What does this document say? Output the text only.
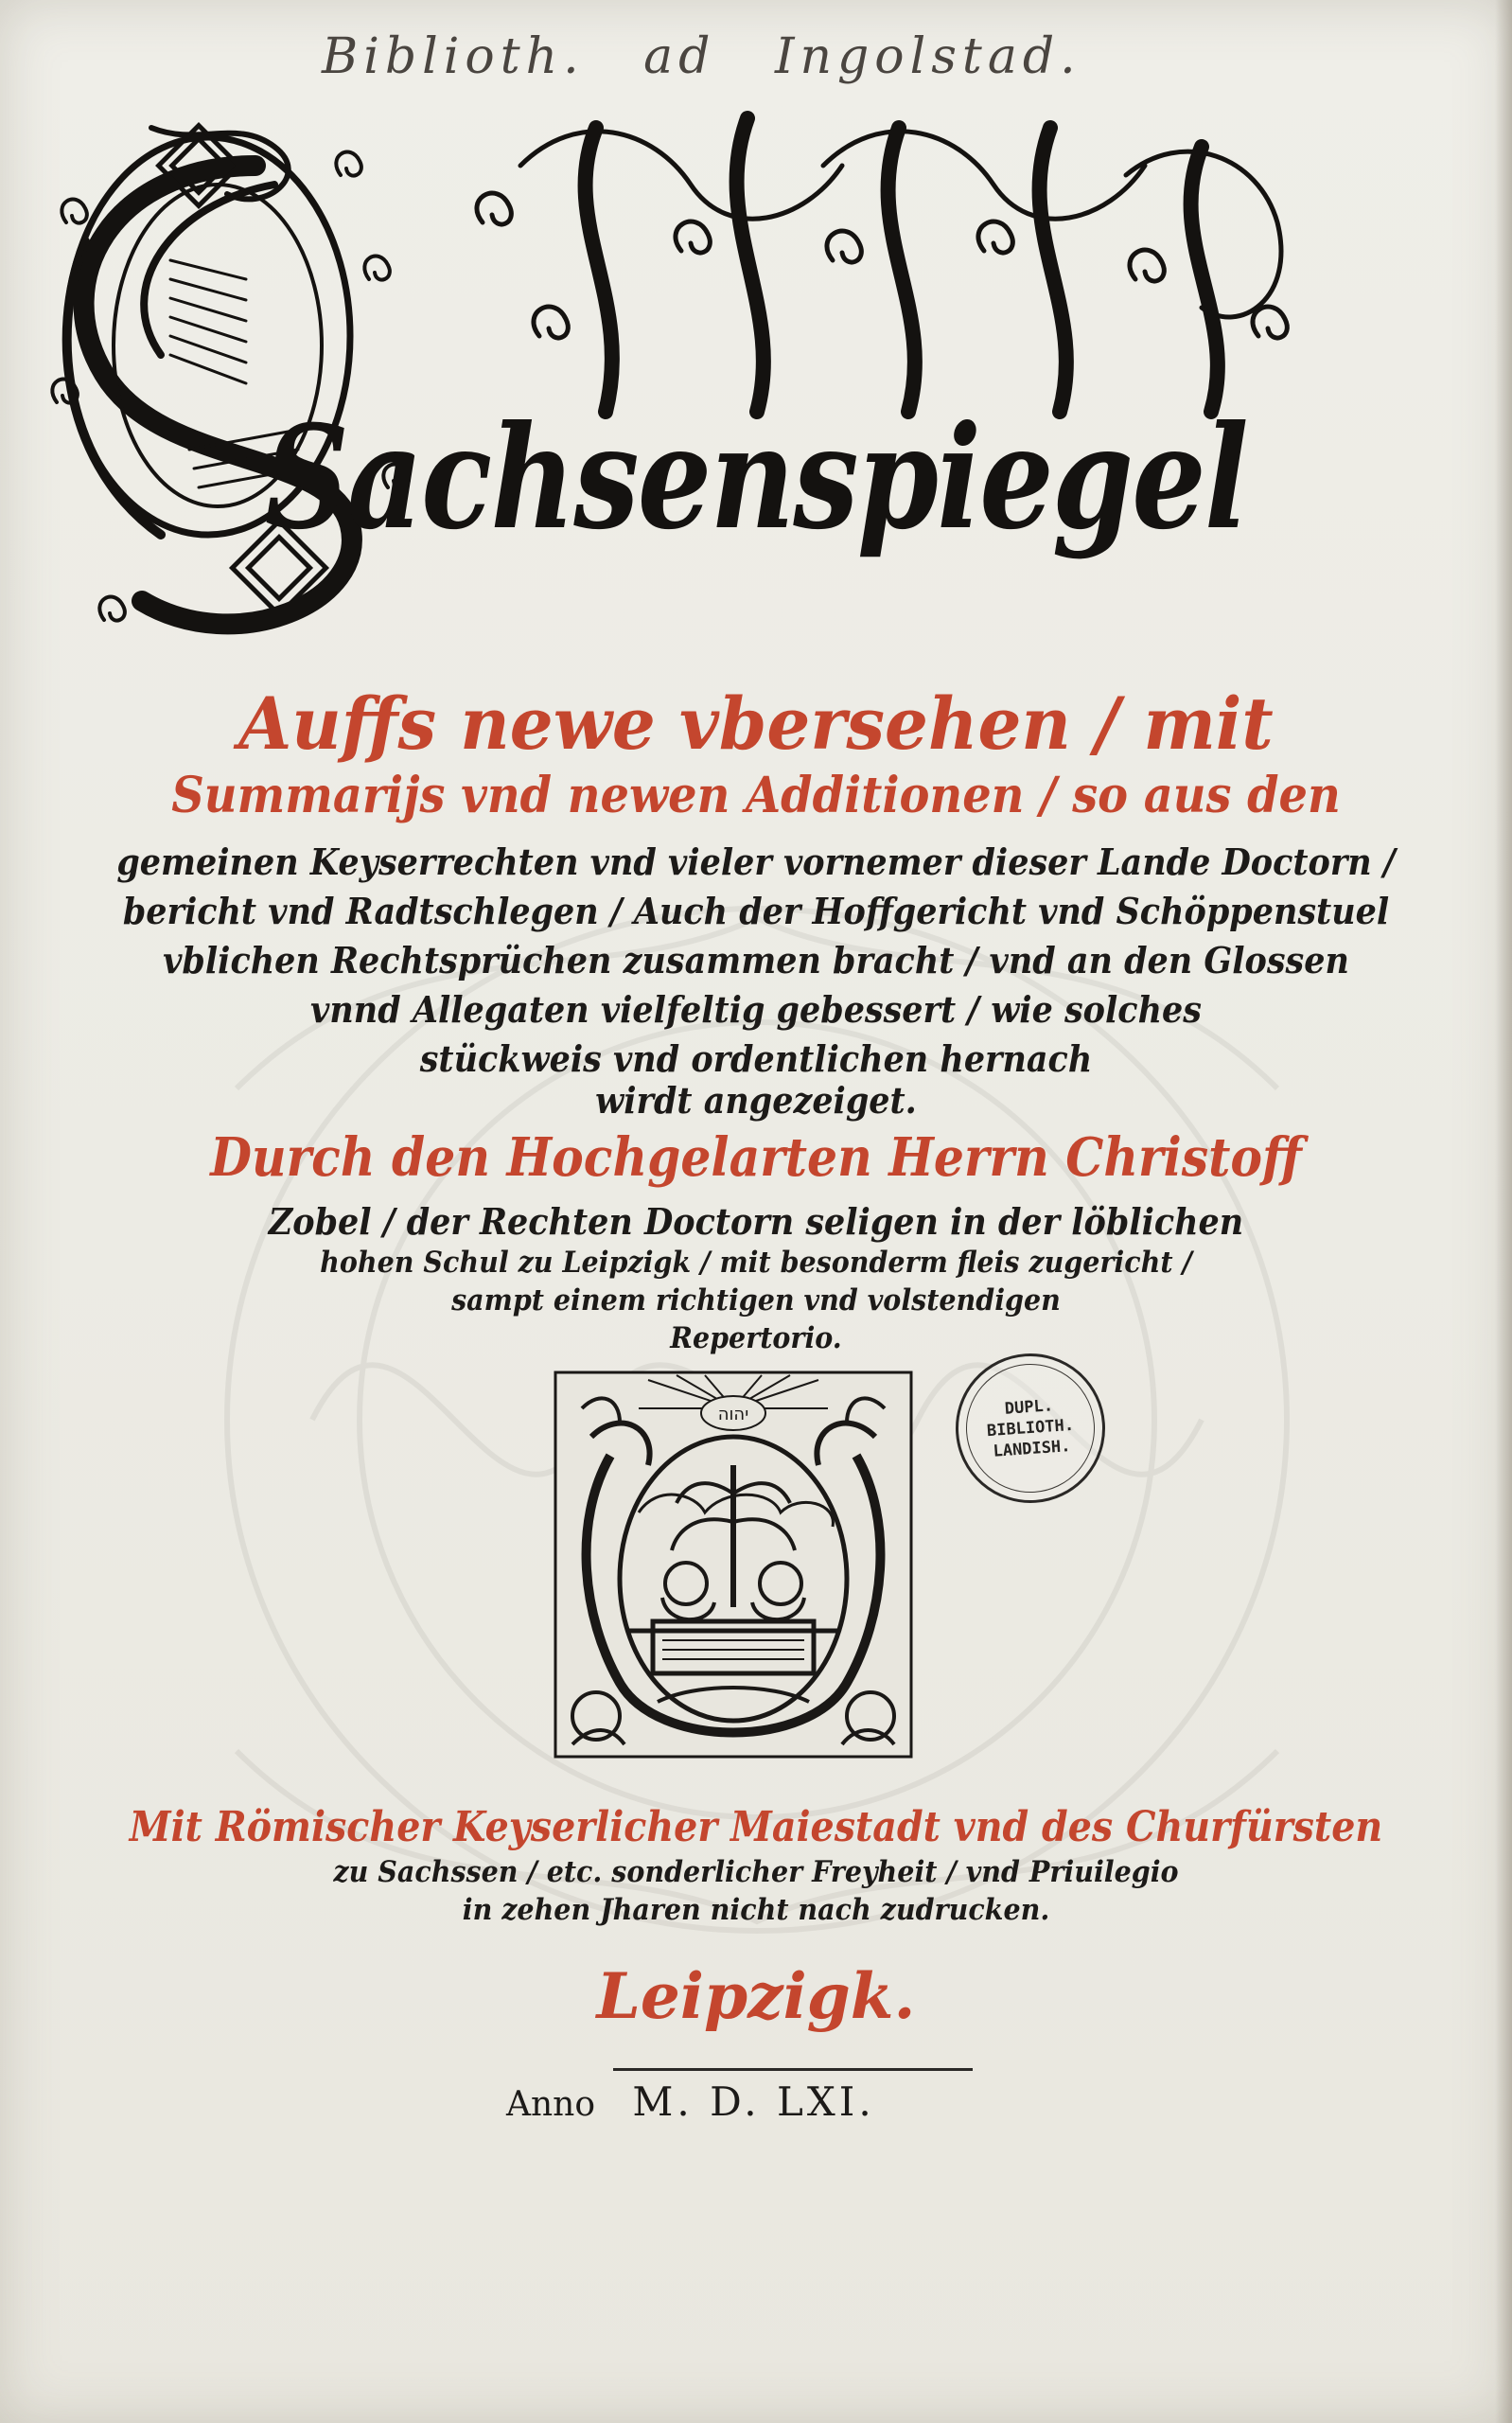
Biblioth. ad Ingolstad.
Sachsenspiegel
Auffs newe vbersehen / mit
Summarijs vnd newen Additionen / so aus den
gemeinen Keyserrechten vnd vieler vornemer dieser Lande Doctorn /
bericht vnd Radtschlegen / Auch der Hoffgericht vnd Schöppenstuel
vblichen Rechtsprüchen zusammen bracht / vnd an den Glossen
vnnd Allegaten vielfeltig gebessert / wie solches
stückweis vnd ordentlichen hernach
wirdt angezeiget.
Durch den Hochgelarten Herrn Christoff
Zobel / der Rechten Doctorn seligen in der löblichen
hohen Schul zu Leipzigk / mit besonderm fleis zugericht /
sampt einem richtigen vnd volstendigen
Repertorio.
יהוה	DUPL.
BIBLIOTH.
LANDISH.
Mit Römischer Keyserlicher Maiestadt vnd des Churfürsten
zu Sachssen / etc. sonderlicher Freyheit / vnd Priuilegio
in zehen Jharen nicht nach zudrucken.
Leipzigk.
Anno M. D. LXI.
